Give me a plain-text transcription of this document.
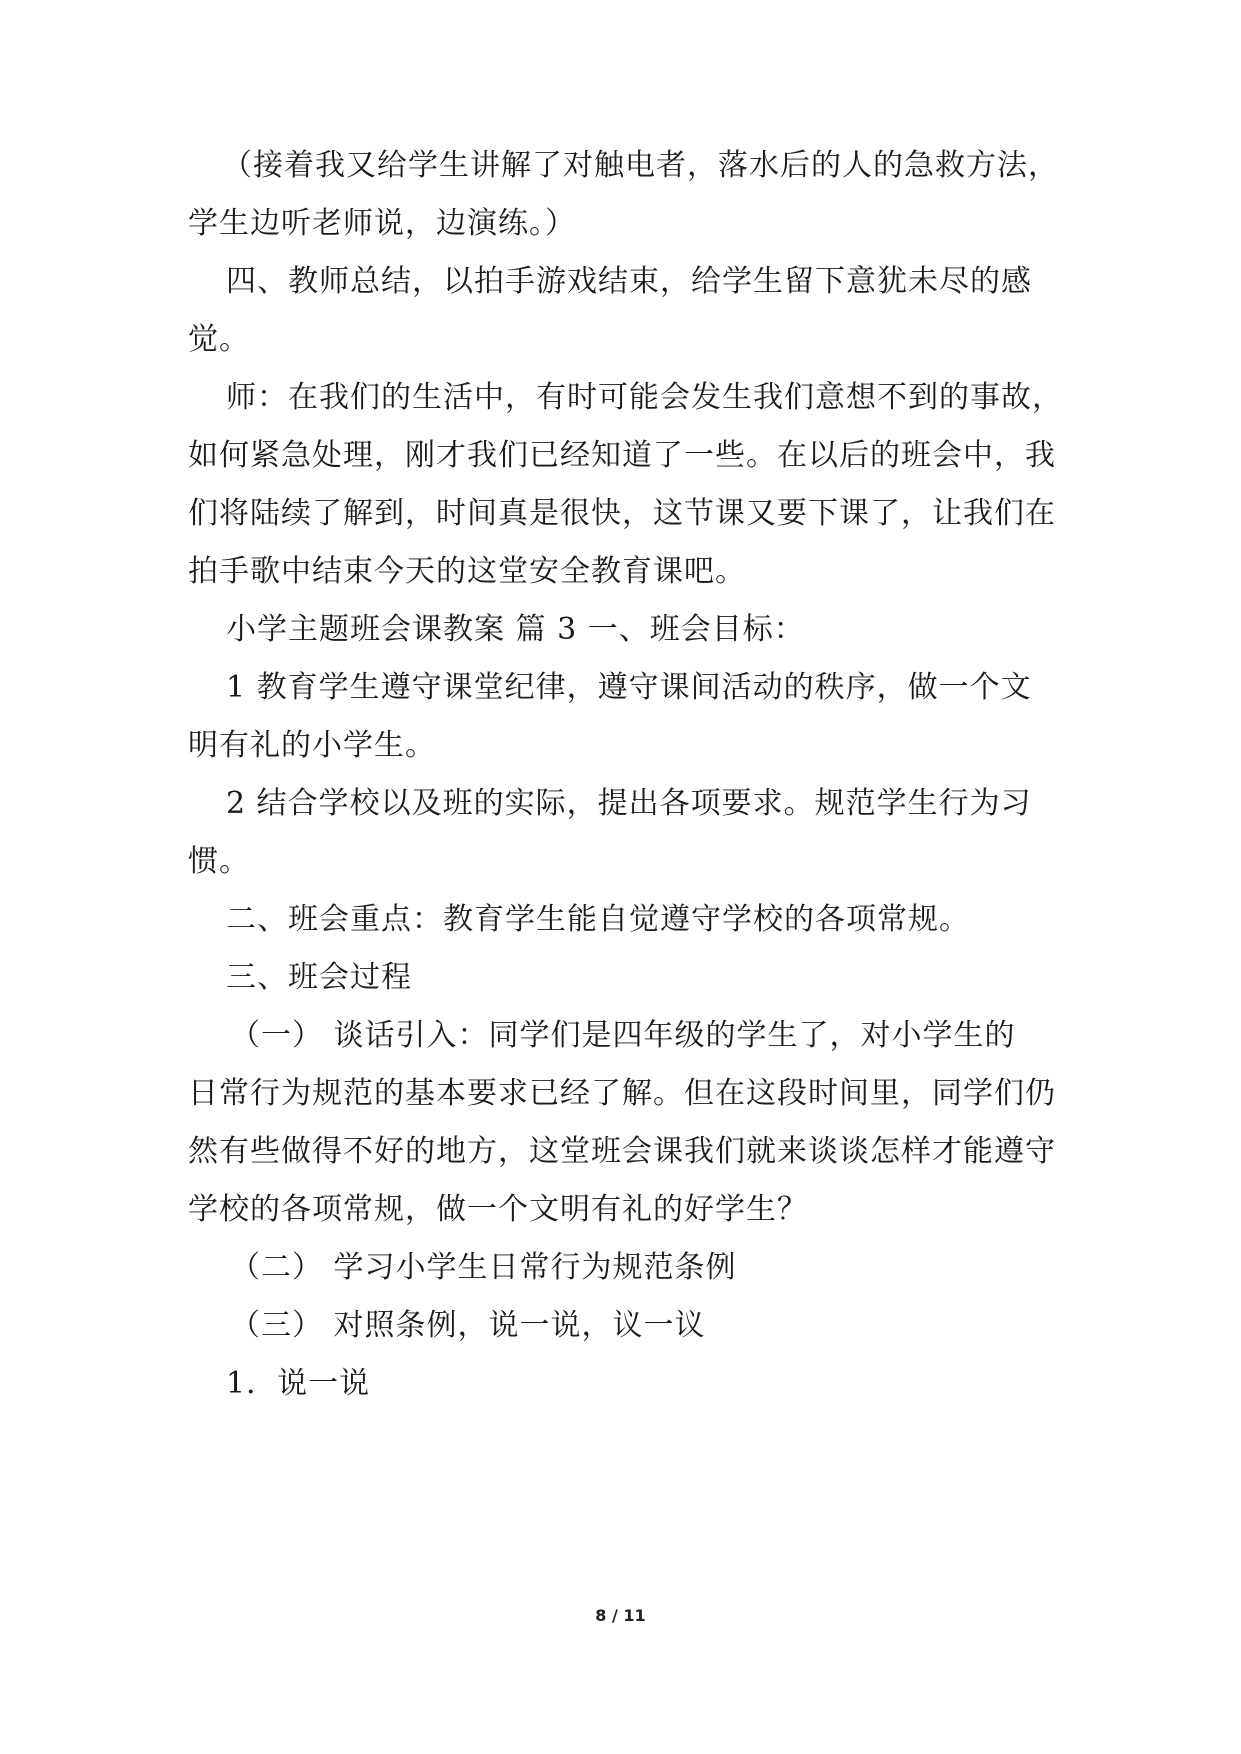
（接着我又给学生讲解了对触电者，落水后的人的急救方法，
学生边听老师说，边演练。）
四、教师总结，以拍手游戏结束，给学生留下意犹未尽的感
觉。
师：在我们的生活中，有时可能会发生我们意想不到的事故，
如何紧急处理，刚才我们已经知道了一些。在以后的班会中，我
们将陆续了解到，时间真是很快，这节课又要下课了，让我们在
拍手歌中结束今天的这堂安全教育课吧。
小学主题班会课教案 篇 3 一、班会目标：
1 教育学生遵守课堂纪律，遵守课间活动的秩序，做一个文
明有礼的小学生。
2 结合学校以及班的实际，提出各项要求。规范学生行为习
惯。
二、班会重点：教育学生能自觉遵守学校的各项常规。
三、班会过程
（一） 谈话引入：同学们是四年级的学生了，对小学生的
日常行为规范的基本要求已经了解。但在这段时间里，同学们仍
然有些做得不好的地方，这堂班会课我们就来谈谈怎样才能遵守
学校的各项常规，做一个文明有礼的好学生？
（二） 学习小学生日常行为规范条例
（三） 对照条例，说一说，议一议
1．说一说
8 / 11
